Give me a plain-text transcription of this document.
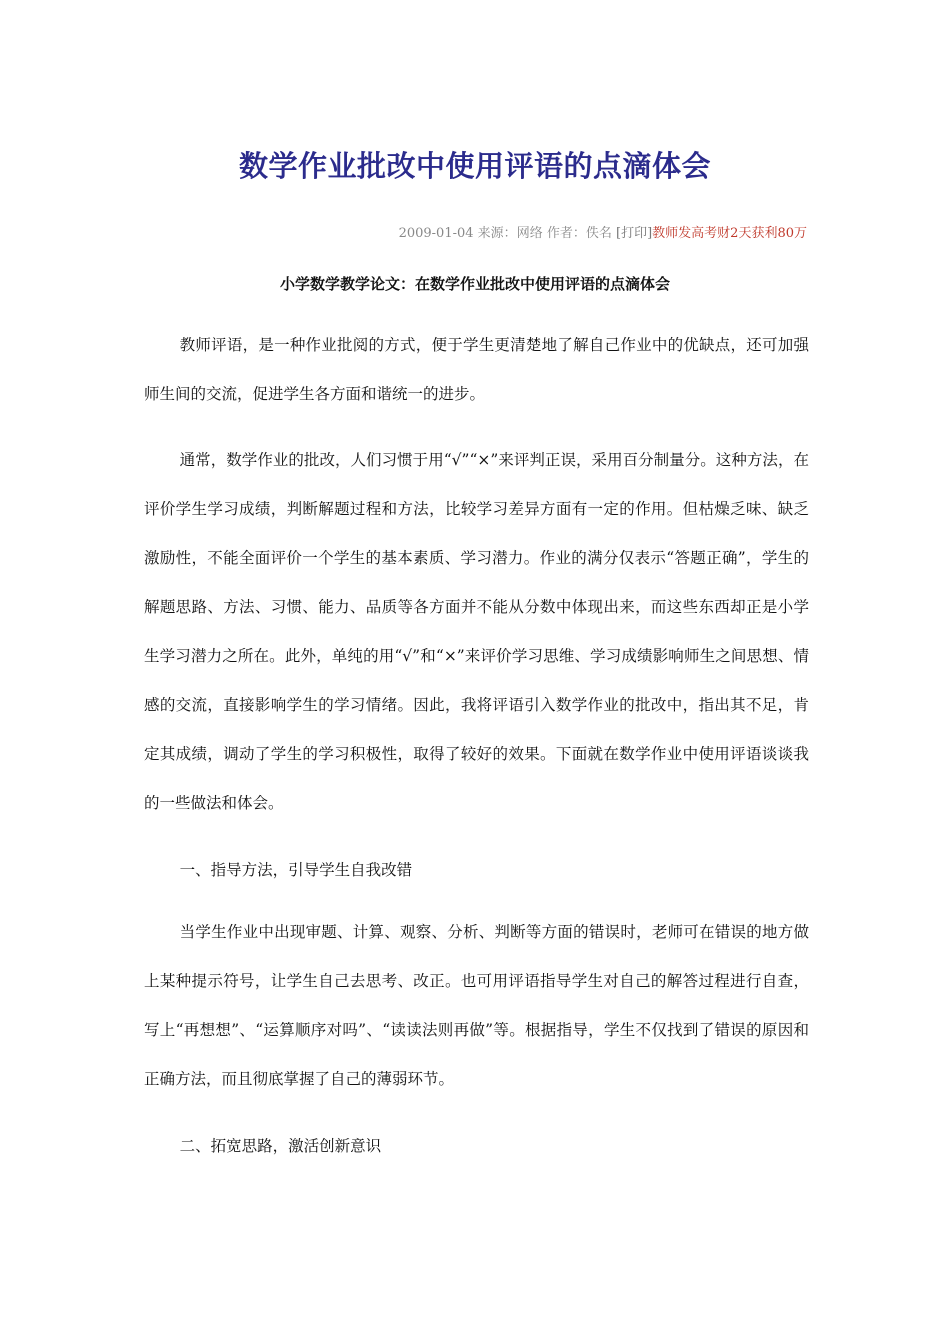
数学作业批改中使用评语的点滴体会
2009-01-04 来源：网络 作者：佚名 [打印]教师发高考财2天获利80万
小学数学教学论文：在数学作业批改中使用评语的点滴体会

教师评语，是一种作业批阅的方式，便于学生更清楚地了解自己作业中的优缺点，还可加强师生间的交流，促进学生各方面和谐统一的进步。

通常，数学作业的批改，人们习惯于用“√”“×”来评判正误，采用百分制量分。这种方法，在评价学生学习成绩，判断解题过程和方法，比较学习差异方面有一定的作用。但枯燥乏味、缺乏激励性，不能全面评价一个学生的基本素质、学习潜力。作业的满分仅表示“答题正确”，学生的解题思路、方法、习惯、能力、品质等各方面并不能从分数中体现出来，而这些东西却正是小学生学习潜力之所在。此外，单纯的用“√”和“×”来评价学习思维、学习成绩影响师生之间思想、情感的交流，直接影响学生的学习情绪。因此，我将评语引入数学作业的批改中，指出其不足，肯定其成绩，调动了学生的学习积极性，取得了较好的效果。下面就在数学作业中使用评语谈谈我的一些做法和体会。

一、指导方法，引导学生自我改错

当学生作业中出现审题、计算、观察、分析、判断等方面的错误时，老师可在错误的地方做上某种提示符号，让学生自己去思考、改正。也可用评语指导学生对自己的解答过程进行自查，写上“再想想”、“运算顺序对吗”、“读读法则再做”等。根据指导，学生不仅找到了错误的原因和正确方法，而且彻底掌握了自己的薄弱环节。

二、拓宽思路，激活创新意识
